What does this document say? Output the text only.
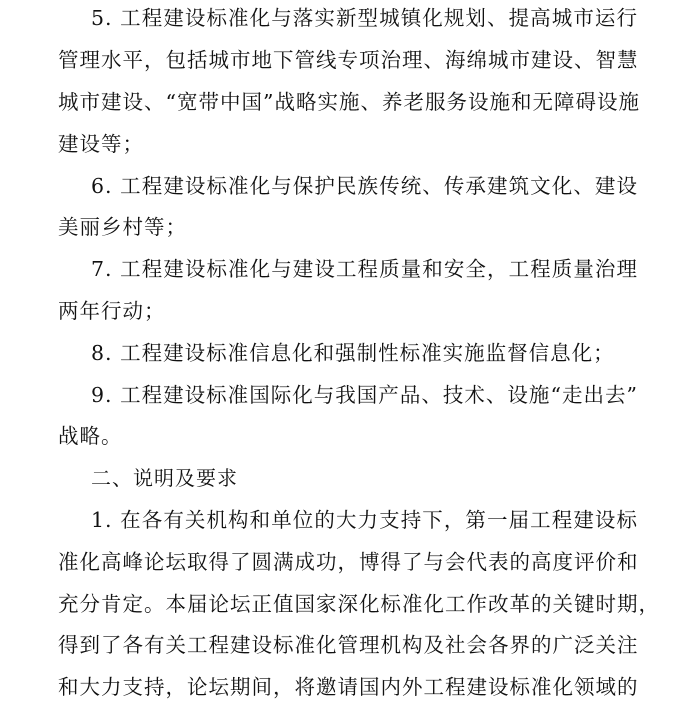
5. 工程建设标准化与落实新型城镇化规划、提高城市运行
管理水平，包括城市地下管线专项治理、海绵城市建设、智慧
城市建设、“宽带中国”战略实施、养老服务设施和无障碍设施
建设等；
6. 工程建设标准化与保护民族传统、传承建筑文化、建设
美丽乡村等；
7. 工程建设标准化与建设工程质量和安全，工程质量治理
两年行动；
8. 工程建设标准信息化和强制性标准实施监督信息化；
9. 工程建设标准国际化与我国产品、技术、设施“走出去”
战略。
二、说明及要求
1. 在各有关机构和单位的大力支持下，第一届工程建设标
准化高峰论坛取得了圆满成功，博得了与会代表的高度评价和
充分肯定。本届论坛正值国家深化标准化工作改革的关键时期，
得到了各有关工程建设标准化管理机构及社会各界的广泛关注
和大力支持，论坛期间，将邀请国内外工程建设标准化领域的
